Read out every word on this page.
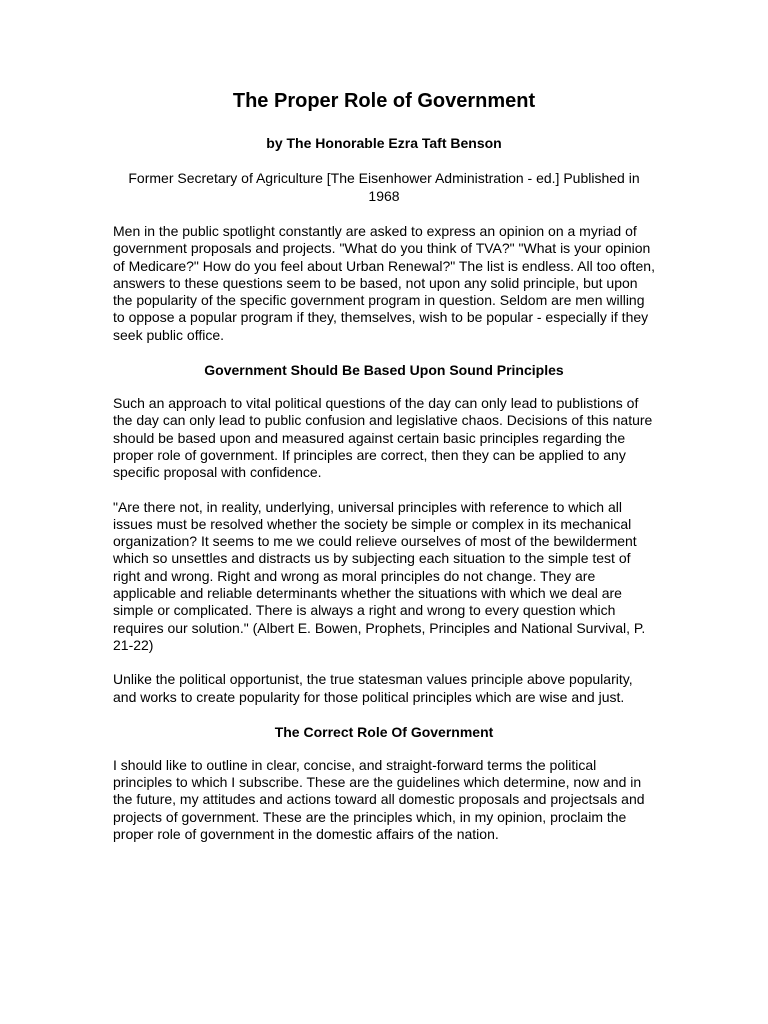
The Proper Role of Government
by The Honorable Ezra Taft Benson
Former Secretary of Agriculture [The Eisenhower Administration - ed.] Published in 1968

Men in the public spotlight constantly are asked to express an opinion on a myriad of government proposals and projects. "What do you think of TVA?" "What is your opinion of Medicare?" How do you feel about Urban Renewal?" The list is endless. All too often, answers to these questions seem to be based, not upon any solid principle, but upon the popularity of the specific government program in question. Seldom are men willing to oppose a popular program if they, themselves, wish to be popular - especially if they seek public office.

Government Should Be Based Upon Sound Principles

Such an approach to vital political questions of the day can only lead to publistions of the day can only lead to public confusion and legislative chaos. Decisions of this nature should be based upon and measured against certain basic principles regarding the proper role of government. If principles are correct, then they can be applied to any specific proposal with confidence.

"Are there not, in reality, underlying, universal principles with reference to which all issues must be resolved whether the society be simple or complex in its mechanical organization? It seems to me we could relieve ourselves of most of the bewilderment which so unsettles and distracts us by subjecting each situation to the simple test of right and wrong. Right and wrong as moral principles do not change. They are applicable and reliable determinants whether the situations with which we deal are simple or complicated. There is always a right and wrong to every question which requires our solution." (Albert E. Bowen, Prophets, Principles and National Survival, P. 21-22)

Unlike the political opportunist, the true statesman values principle above popularity, and works to create popularity for those political principles which are wise and just.

The Correct Role Of Government

I should like to outline in clear, concise, and straight-forward terms the political principles to which I subscribe. These are the guidelines which determine, now and in the future, my attitudes and actions toward all domestic proposals and projectsals and projects of government. These are the principles which, in my opinion, proclaim the proper role of government in the domestic affairs of the nation.
